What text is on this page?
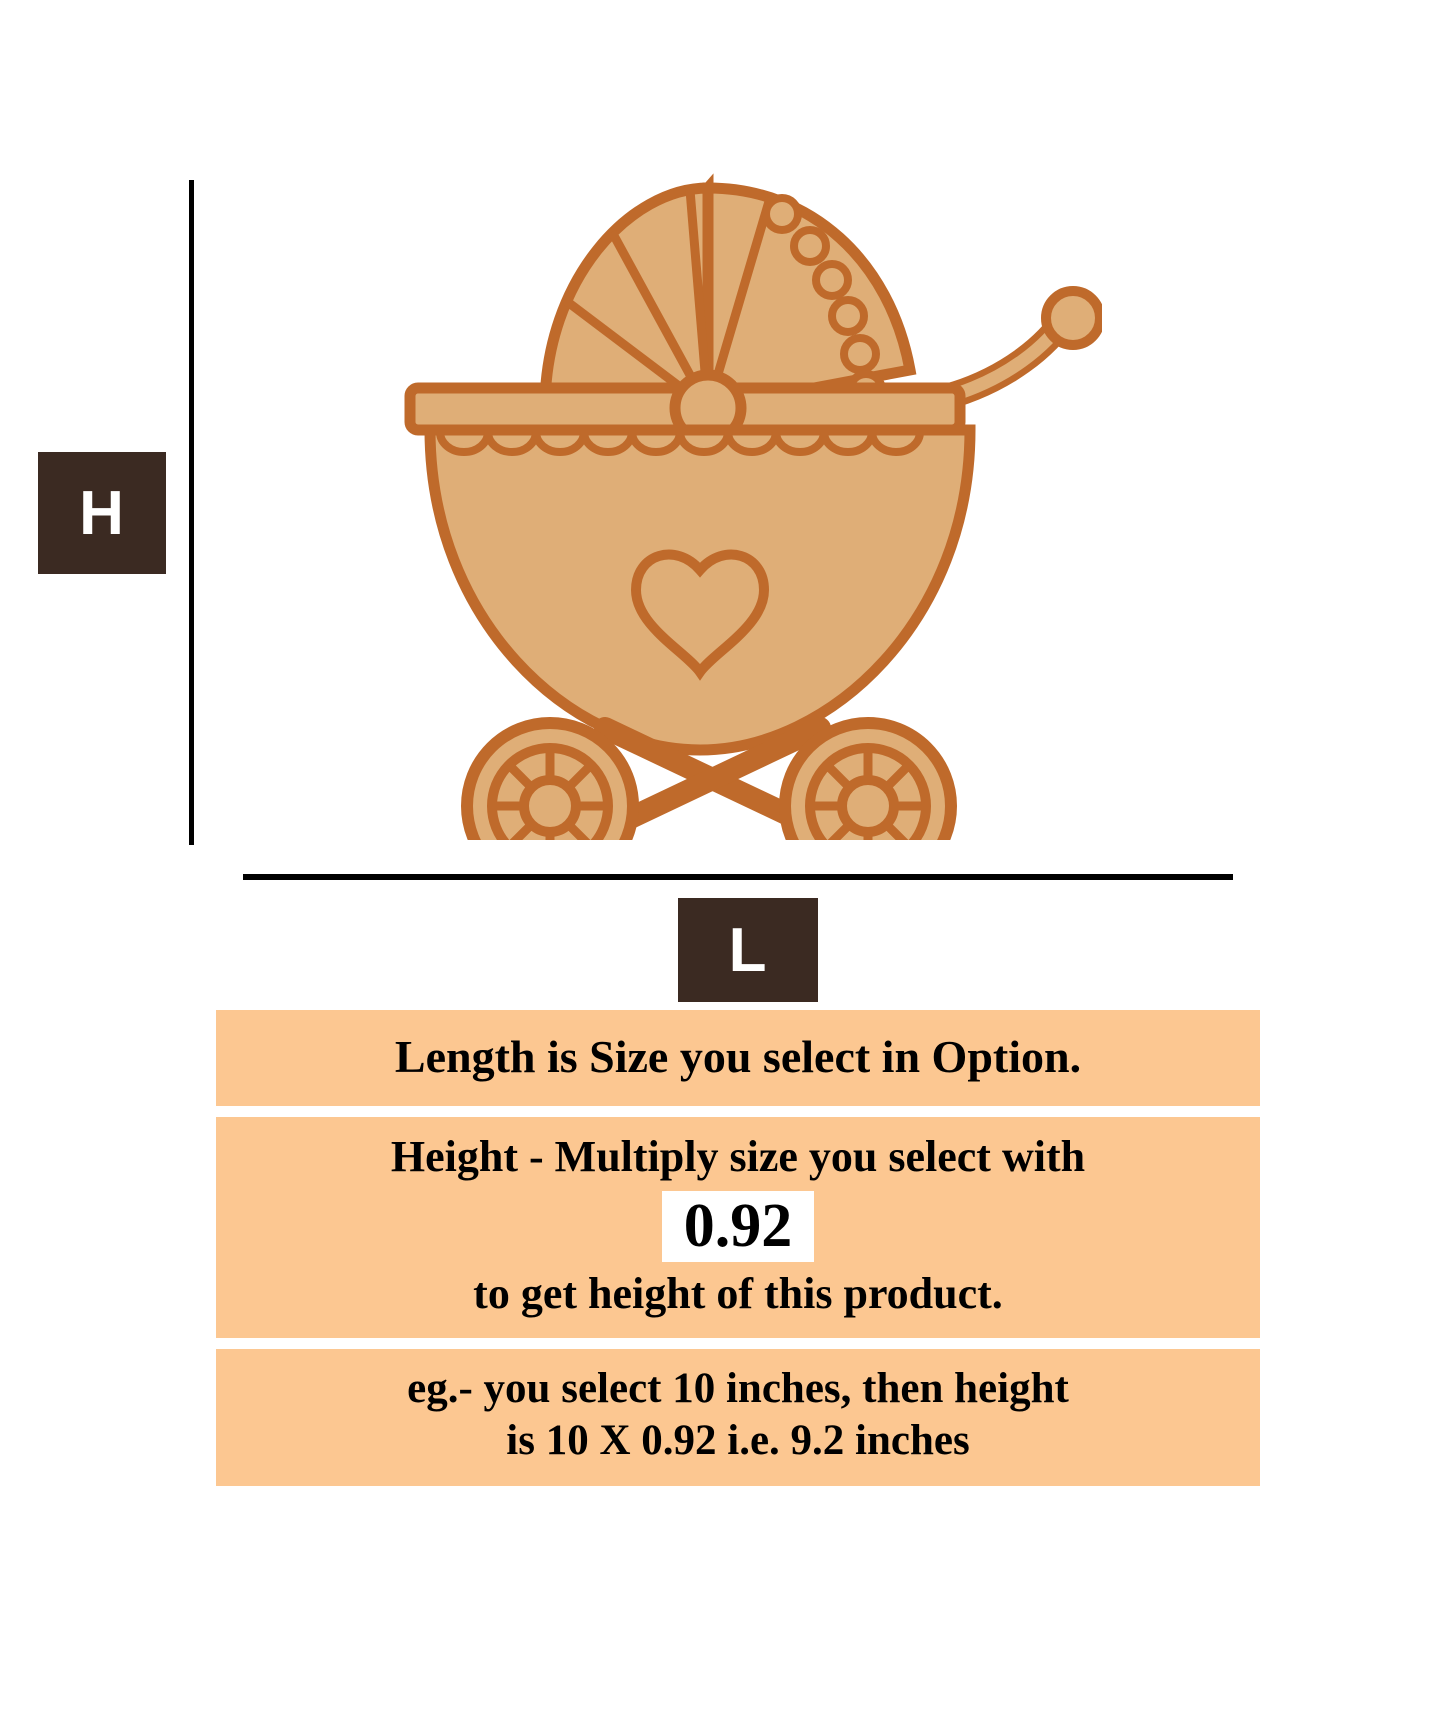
H
L
Length is Size you select in Option.
Height - Multiply size you select with
0.92
to get height of this product.
eg.- you select 10 inches, then height
is 10 X 0.92 i.e. 9.2 inches
